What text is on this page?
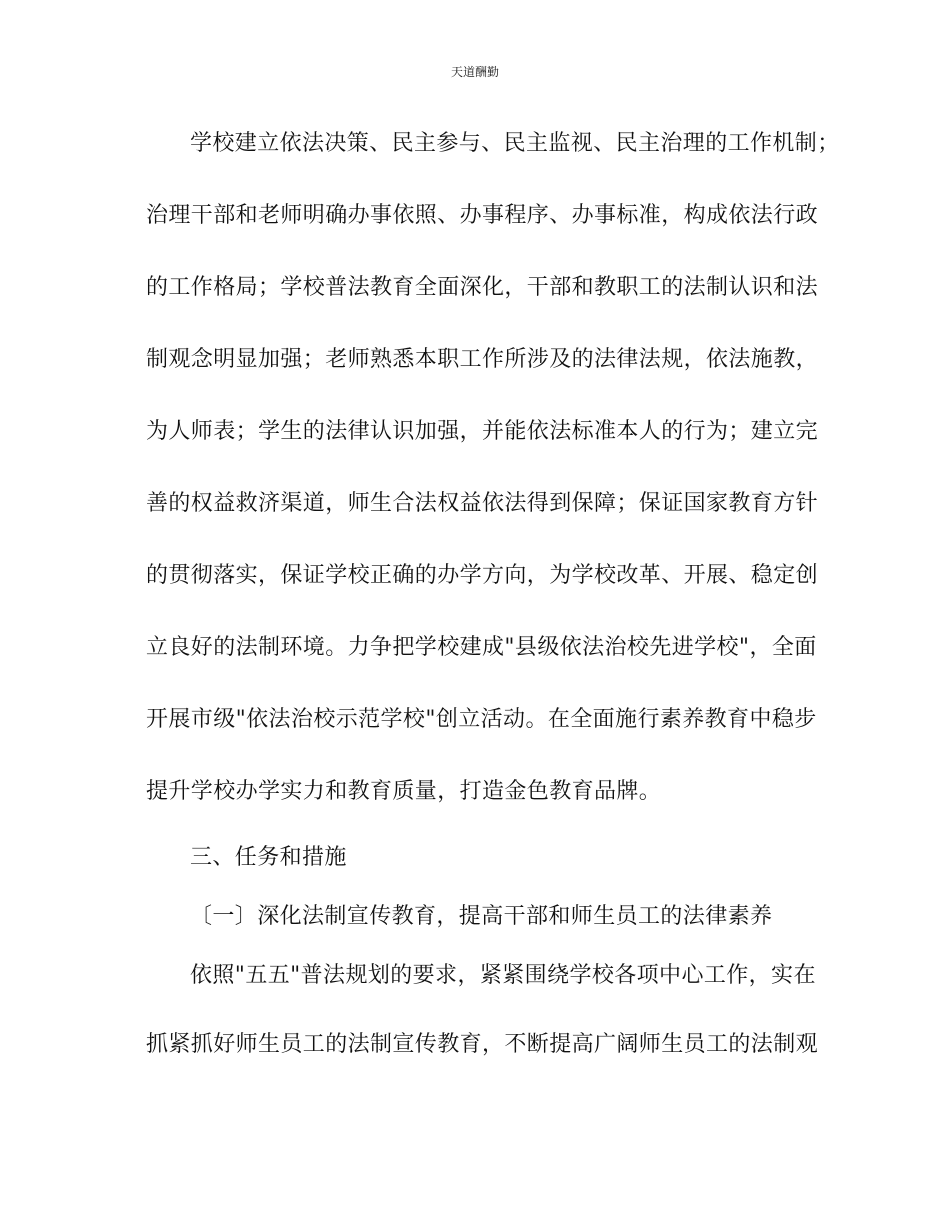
天道酬勤
学校建立依法决策、民主参与、民主监视、民主治理的工作机制；
治理干部和老师明确办事依照、办事程序、办事标准，构成依法行政
的工作格局；学校普法教育全面深化，干部和教职工的法制认识和法
制观念明显加强；老师熟悉本职工作所涉及的法律法规，依法施教，
为人师表；学生的法律认识加强，并能依法标准本人的行为；建立完
善的权益救济渠道，师生合法权益依法得到保障；保证国家教育方针
的贯彻落实，保证学校正确的办学方向，为学校改革、开展、稳定创
立良好的法制环境。力争把学校建成"县级依法治校先进学校"，全面
开展市级"依法治校示范学校"创立活动。在全面施行素养教育中稳步
提升学校办学实力和教育质量，打造金色教育品牌。
三、任务和措施
〔一〕深化法制宣传教育，提高干部和师生员工的法律素养
依照"五五"普法规划的要求，紧紧围绕学校各项中心工作，实在
抓紧抓好师生员工的法制宣传教育，不断提高广阔师生员工的法制观
